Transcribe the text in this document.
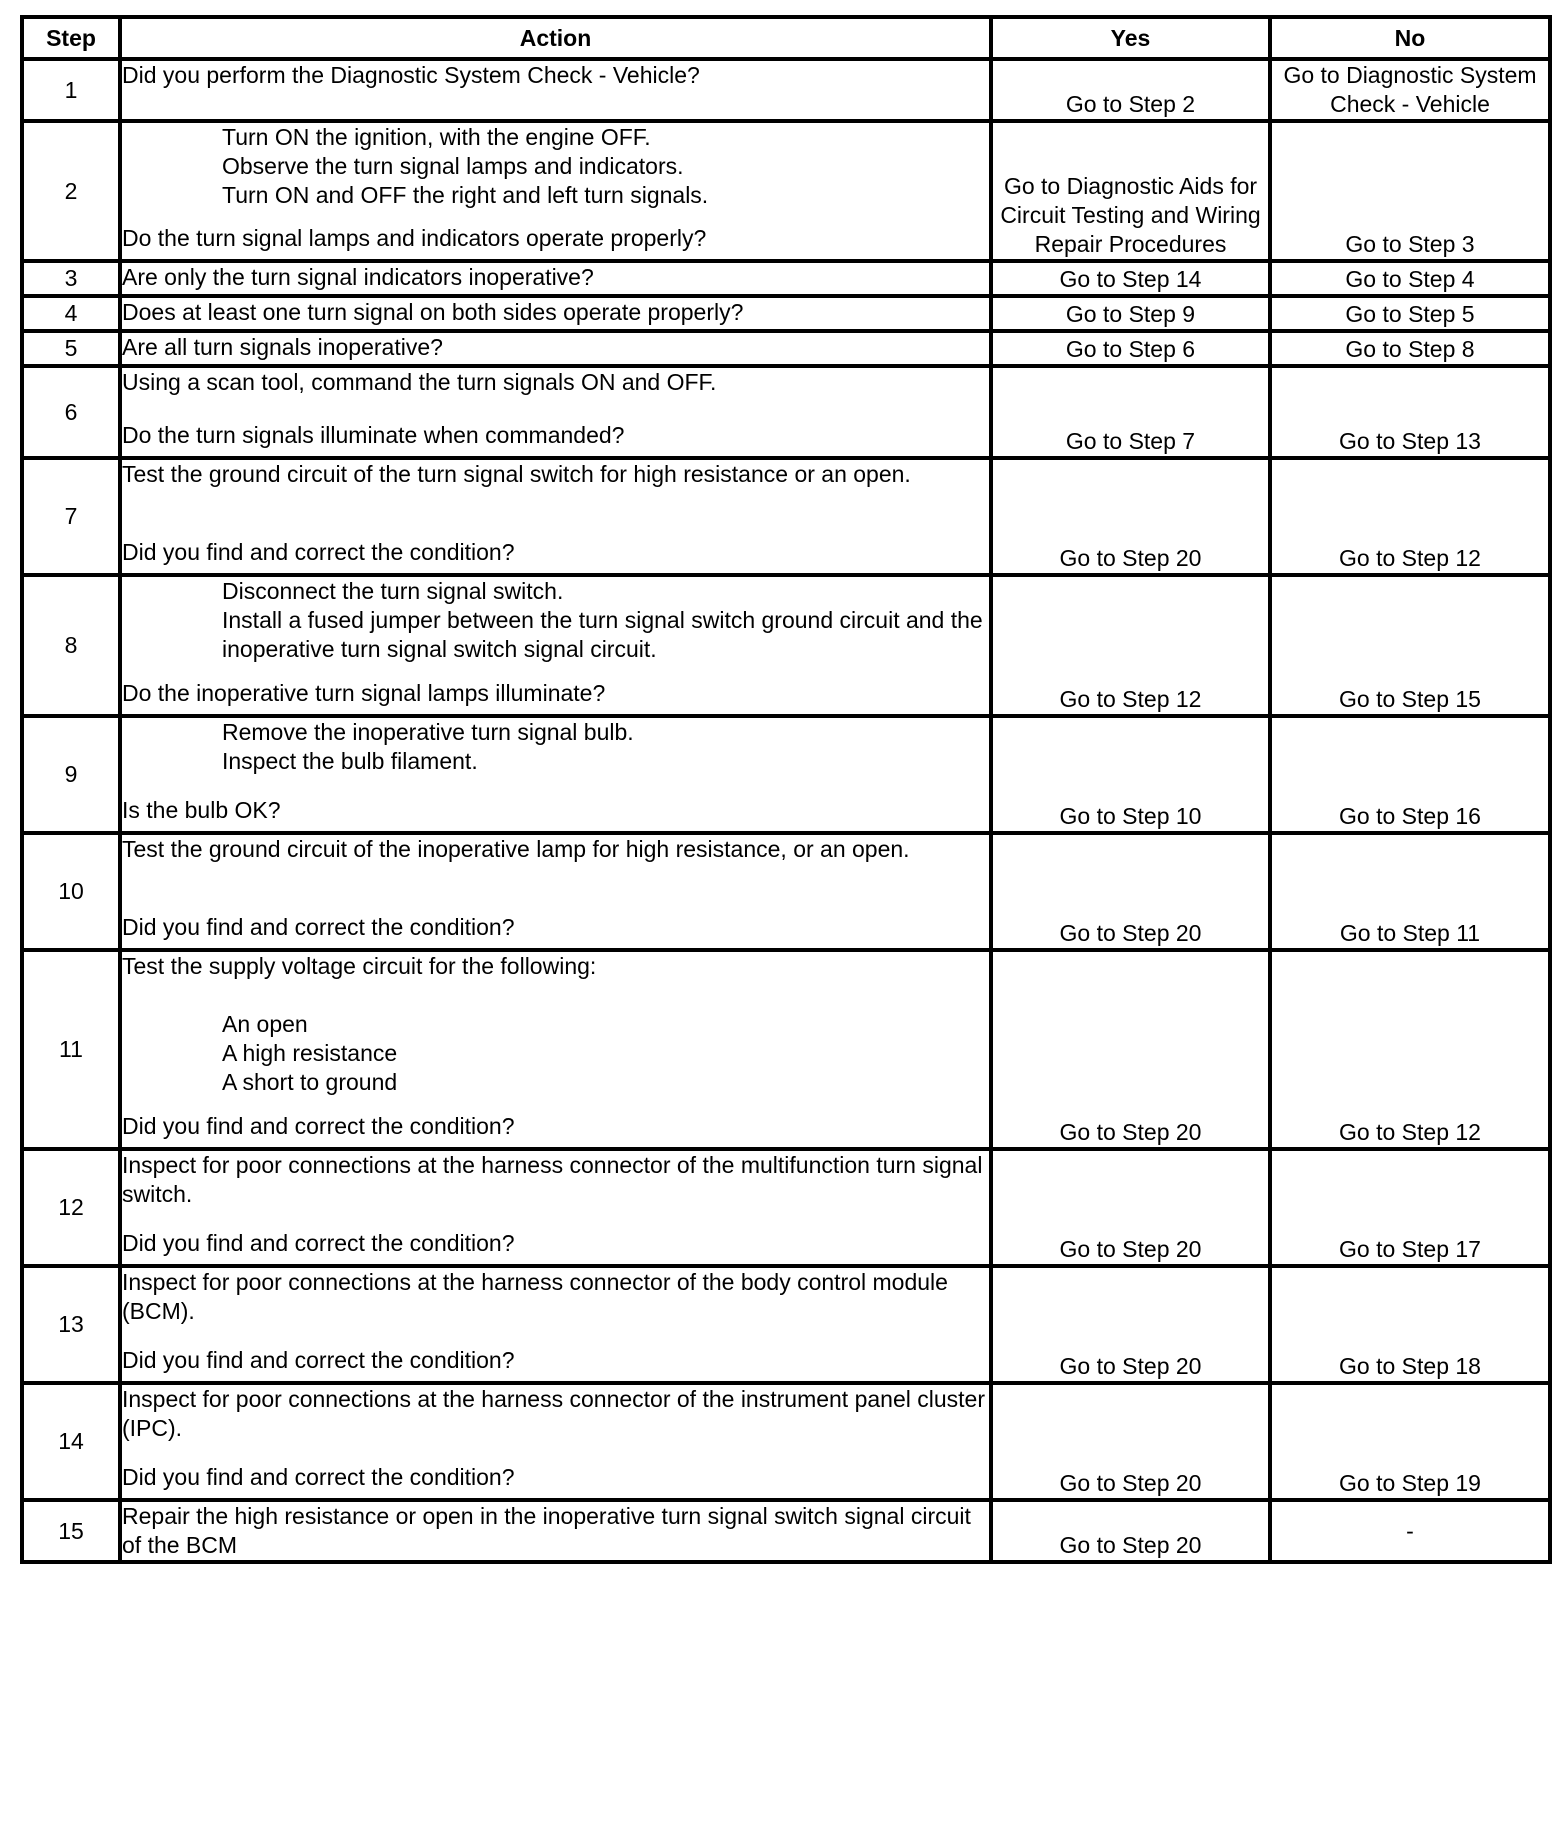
Step	Action	Yes	No
1	Did you perform the Diagnostic System Check - Vehicle?	Go to Step 2	Go to Diagnostic System Check - Vehicle
2	Turn ON the ignition, with the engine OFF.
Observe the turn signal lamps and indicators.
Turn ON and OFF the right and left turn signals.
Do the turn signal lamps and indicators operate properly?	Go to Diagnostic Aids for Circuit Testing and Wiring Repair Procedures	Go to Step 3
3	Are only the turn signal indicators inoperative?	Go to Step 14	Go to Step 4
4	Does at least one turn signal on both sides operate properly?	Go to Step 9	Go to Step 5
5	Are all turn signals inoperative?	Go to Step 6	Go to Step 8
6	Using a scan tool, command the turn signals ON and OFF.
Do the turn signals illuminate when commanded?	Go to Step 7	Go to Step 13
7	Test the ground circuit of the turn signal switch for high resistance or an open.
Did you find and correct the condition?	Go to Step 20	Go to Step 12
8	Disconnect the turn signal switch.
Install a fused jumper between the turn signal switch ground circuit and the inoperative turn signal switch signal circuit.
Do the inoperative turn signal lamps illuminate?	Go to Step 12	Go to Step 15
9	Remove the inoperative turn signal bulb.
Inspect the bulb filament.
Is the bulb OK?	Go to Step 10	Go to Step 16
10	Test the ground circuit of the inoperative lamp for high resistance, or an open.
Did you find and correct the condition?	Go to Step 20	Go to Step 11
11	Test the supply voltage circuit for the following:
An open
A high resistance
A short to ground
Did you find and correct the condition?	Go to Step 20	Go to Step 12
12	Inspect for poor connections at the harness connector of the multifunction turn signal switch.
Did you find and correct the condition?	Go to Step 20	Go to Step 17
13	Inspect for poor connections at the harness connector of the body control module (BCM).
Did you find and correct the condition?	Go to Step 20	Go to Step 18
14	Inspect for poor connections at the harness connector of the instrument panel cluster (IPC).
Did you find and correct the condition?	Go to Step 20	Go to Step 19
15	Repair the high resistance or open in the inoperative turn signal switch signal circuit of the BCM	Go to Step 20	-
